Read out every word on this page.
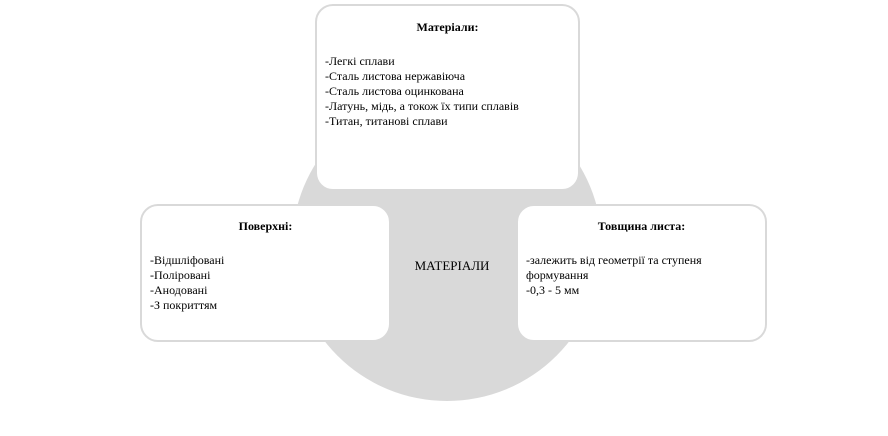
МАТЕРІАЛИ
Матеріали:
-Легкі сплави
-Сталь листова нержавіюча
-Сталь листова оцинкована
-Латунь, мідь, а токож їх типи сплавів
-Титан, титанові сплави
Поверхні:
-Відшліфовані
-Поліровані
-Анодовані
-З покриттям
Товщина листа:
-залежить від геометрії та ступеня
формування
-0,3 - 5 мм
